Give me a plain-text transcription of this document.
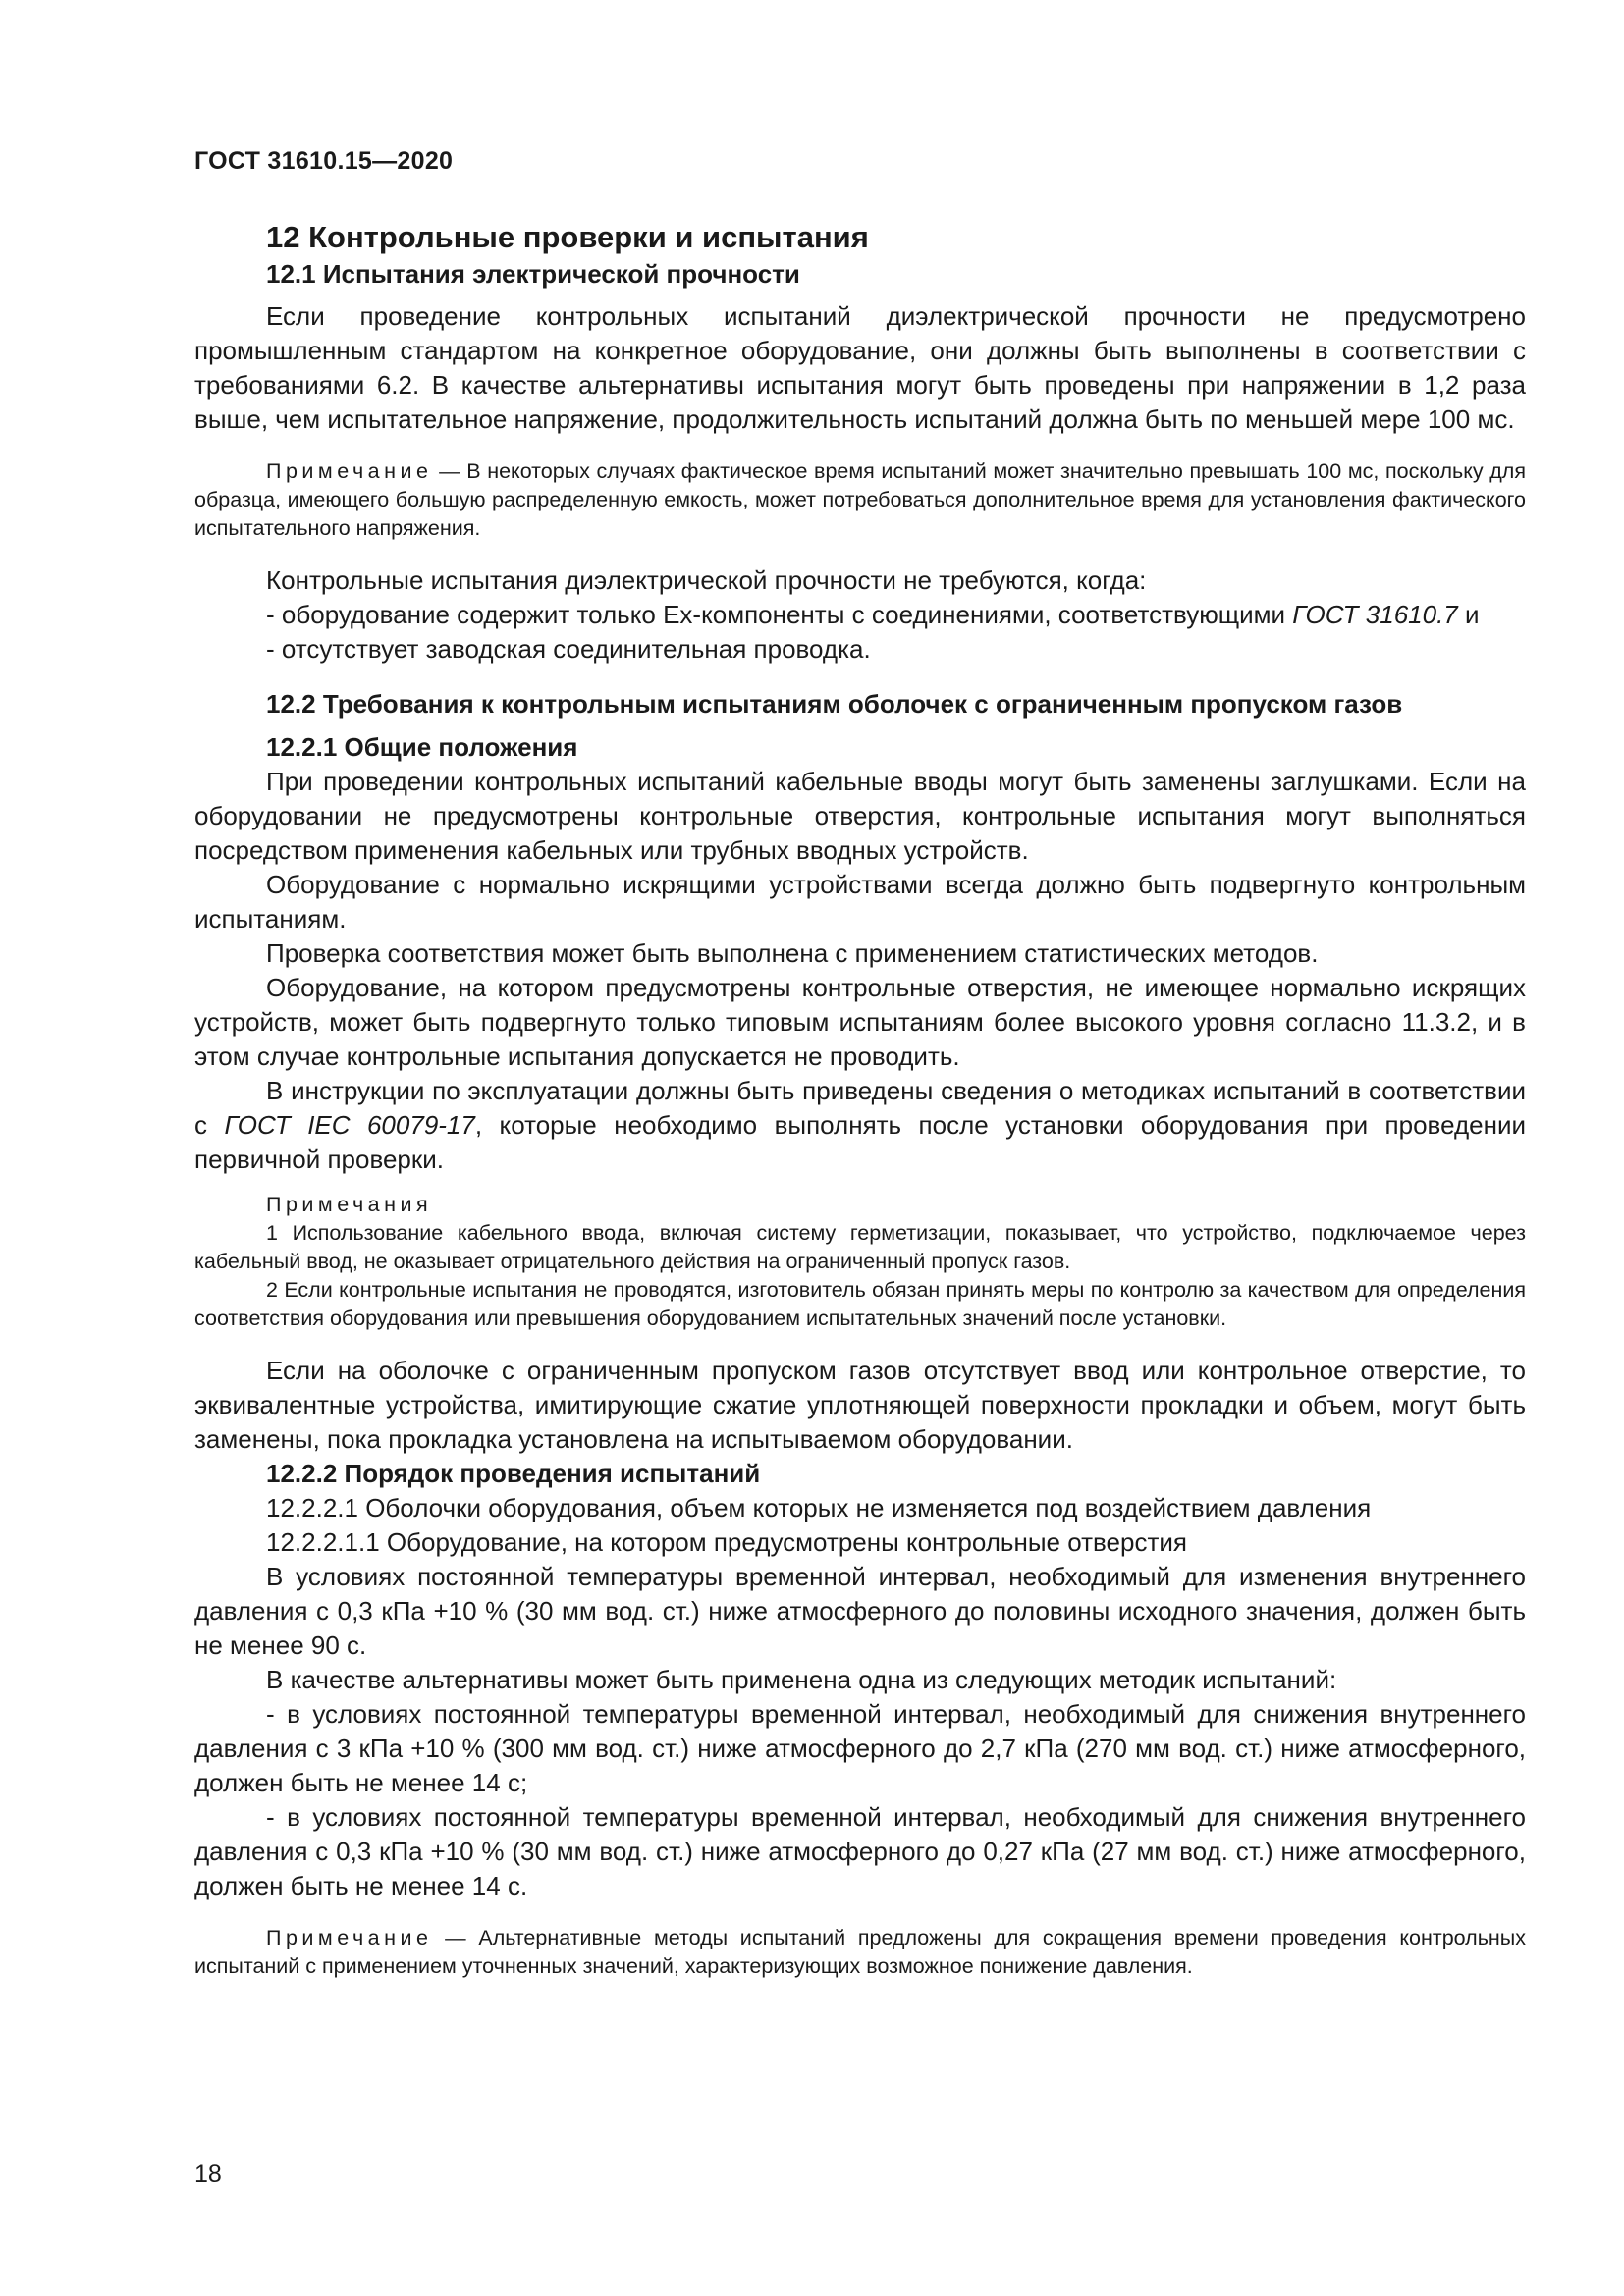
ГОСТ 31610.15—2020

12 Контрольные проверки и испытания

12.1 Испытания электрической прочности

Если проведение контрольных испытаний диэлектрической прочности не предусмотрено промышленным стандартом на конкретное оборудование, они должны быть выполнены в соответствии с требованиями 6.2. В качестве альтернативы испытания могут быть проведены при напряжении в 1,2 раза выше, чем испытательное напряжение, продолжительность испытаний должна быть по меньшей мере 100 мс.

Примечание — В некоторых случаях фактическое время испытаний может значительно превышать 100 мс, поскольку для образца, имеющего большую распределенную емкость, может потребоваться дополнительное время для установления фактического испытательного напряжения.

Контрольные испытания диэлектрической прочности не требуются, когда:

- оборудование содержит только Ex-компоненты с соединениями, соответствующими ГОСТ 31610.7 и

- отсутствует заводская соединительная проводка.

12.2 Требования к контрольным испытаниям оболочек с ограниченным пропуском газов

12.2.1 Общие положения

При проведении контрольных испытаний кабельные вводы могут быть заменены заглушками. Если на оборудовании не предусмотрены контрольные отверстия, контрольные испытания могут выполняться посредством применения кабельных или трубных вводных устройств.

Оборудование с нормально искрящими устройствами всегда должно быть подвергнуто контрольным испытаниям.

Проверка соответствия может быть выполнена с применением статистических методов.

Оборудование, на котором предусмотрены контрольные отверстия, не имеющее нормально искрящих устройств, может быть подвергнуто только типовым испытаниям более высокого уровня согласно 11.3.2, и в этом случае контрольные испытания допускается не проводить.

В инструкции по эксплуатации должны быть приведены сведения о методиках испытаний в соответствии с ГОСТ IEC 60079-17, которые необходимо выполнять после установки оборудования при проведении первичной проверки.

Примечания

1 Использование кабельного ввода, включая систему герметизации, показывает, что устройство, подключаемое через кабельный ввод, не оказывает отрицательного действия на ограниченный пропуск газов.

2 Если контрольные испытания не проводятся, изготовитель обязан принять меры по контролю за качеством для определения соответствия оборудования или превышения оборудованием испытательных значений после установки.

Если на оболочке с ограниченным пропуском газов отсутствует ввод или контрольное отверстие, то эквивалентные устройства, имитирующие сжатие уплотняющей поверхности прокладки и объем, могут быть заменены, пока прокладка установлена на испытываемом оборудовании.

12.2.2 Порядок проведения испытаний

12.2.2.1 Оболочки оборудования, объем которых не изменяется под воздействием давления

12.2.2.1.1 Оборудование, на котором предусмотрены контрольные отверстия

В условиях постоянной температуры временной интервал, необходимый для изменения внутреннего давления с 0,3 кПа +10 % (30 мм вод. ст.) ниже атмосферного до половины исходного значения, должен быть не менее 90 с.

В качестве альтернативы может быть применена одна из следующих методик испытаний:

- в условиях постоянной температуры временной интервал, необходимый для снижения внутреннего давления с 3 кПа +10 % (300 мм вод. ст.) ниже атмосферного до 2,7 кПа (270 мм вод. ст.) ниже атмосферного, должен быть не менее 14 с;

- в условиях постоянной температуры временной интервал, необходимый для снижения внутреннего давления с 0,3 кПа +10 % (30 мм вод. ст.) ниже атмосферного до 0,27 кПа (27 мм вод. ст.) ниже атмосферного, должен быть не менее 14 с.

Примечание — Альтернативные методы испытаний предложены для сокращения времени проведения контрольных испытаний с применением уточненных значений, характеризующих возможное понижение давления.

18
